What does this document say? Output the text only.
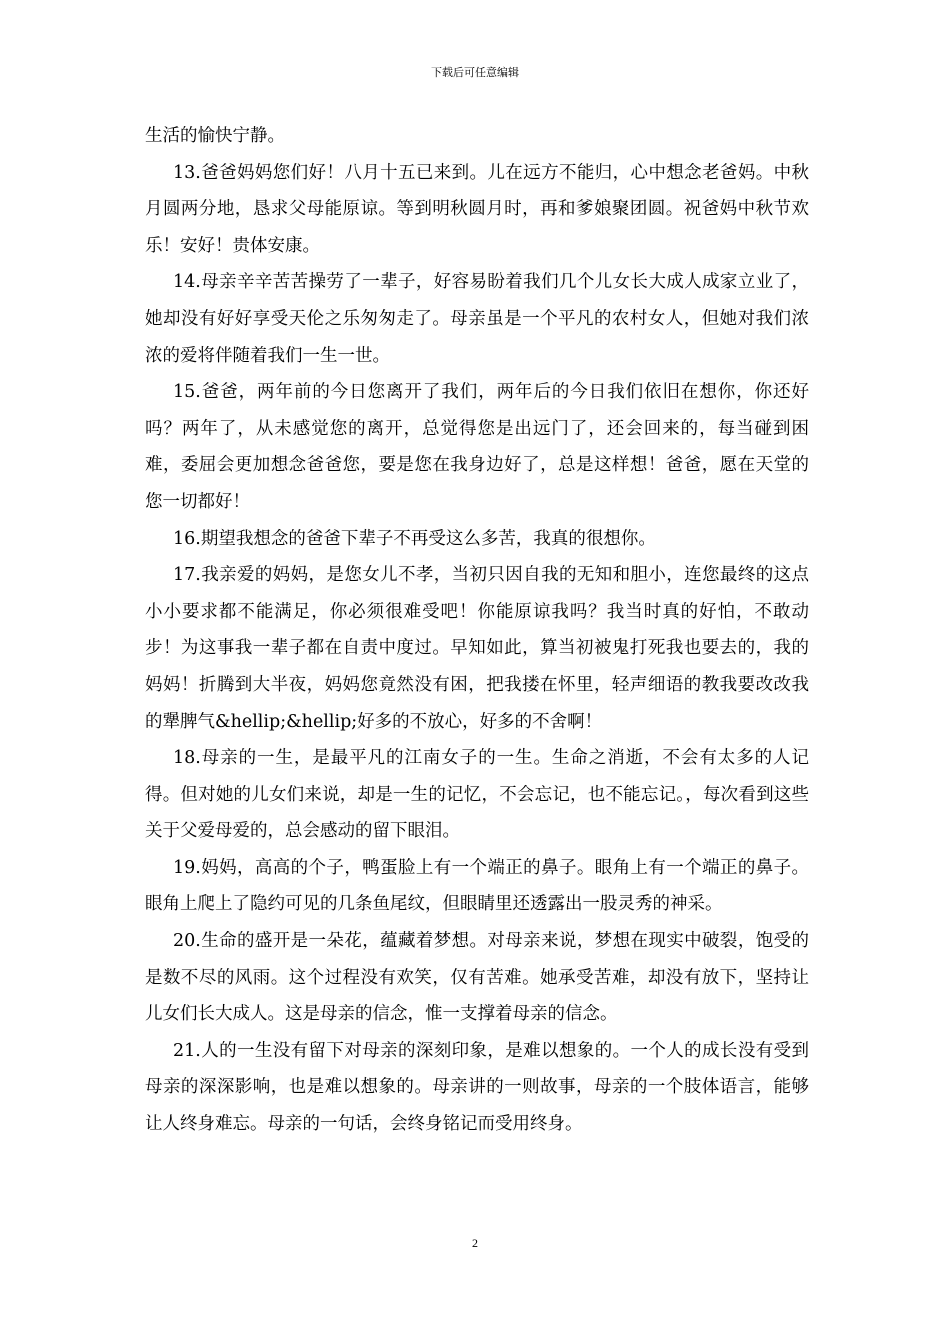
下载后可任意编辑

生活的愉快宁静。

13.爸爸妈妈您们好！八月十五已来到。儿在远方不能归，心中想念老爸妈。中秋月圆两分地，恳求父母能原谅。等到明秋圆月时，再和爹娘聚团圆。祝爸妈中秋节欢乐！安好！贵体安康。

14.母亲辛辛苦苦操劳了一辈子，好容易盼着我们几个儿女长大成人成家立业了，她却没有好好享受天伦之乐匆匆走了。母亲虽是一个平凡的农村女人，但她对我们浓浓的爱将伴随着我们一生一世。

15.爸爸，两年前的今日您离开了我们，两年后的今日我们依旧在想你，你还好吗？两年了，从未感觉您的离开，总觉得您是出远门了，还会回来的，每当碰到困难，委屈会更加想念爸爸您，要是您在我身边好了，总是这样想！爸爸，愿在天堂的您一切都好！

16.期望我想念的爸爸下辈子不再受这么多苦，我真的很想你。

17.我亲爱的妈妈，是您女儿不孝，当初只因自我的无知和胆小，连您最终的这点小小要求都不能满足，你必须很难受吧！你能原谅我吗？我当时真的好怕，不敢动步！为这事我一辈子都在自责中度过。早知如此，算当初被鬼打死我也要去的，我的妈妈！折腾到大半夜，妈妈您竟然没有困，把我搂在怀里，轻声细语的教我要改改我的犟脾气&hellip;&hellip;好多的不放心，好多的不舍啊！

18.母亲的一生，是最平凡的江南女子的一生。生命之消逝，不会有太多的人记得。但对她的儿女们来说，却是一生的记忆，不会忘记，也不能忘记。，每次看到这些关于父爱母爱的，总会感动的留下眼泪。

19.妈妈，高高的个子，鸭蛋脸上有一个端正的鼻子。眼角上有一个端正的鼻子。眼角上爬上了隐约可见的几条鱼尾纹，但眼睛里还透露出一股灵秀的神采。

20.生命的盛开是一朵花，蕴藏着梦想。对母亲来说，梦想在现实中破裂，饱受的是数不尽的风雨。这个过程没有欢笑，仅有苦难。她承受苦难，却没有放下，坚持让儿女们长大成人。这是母亲的信念，惟一支撑着母亲的信念。

21.人的一生没有留下对母亲的深刻印象，是难以想象的。一个人的成长没有受到母亲的深深影响，也是难以想象的。母亲讲的一则故事，母亲的一个肢体语言，能够让人终身难忘。母亲的一句话，会终身铭记而受用终身。

2
